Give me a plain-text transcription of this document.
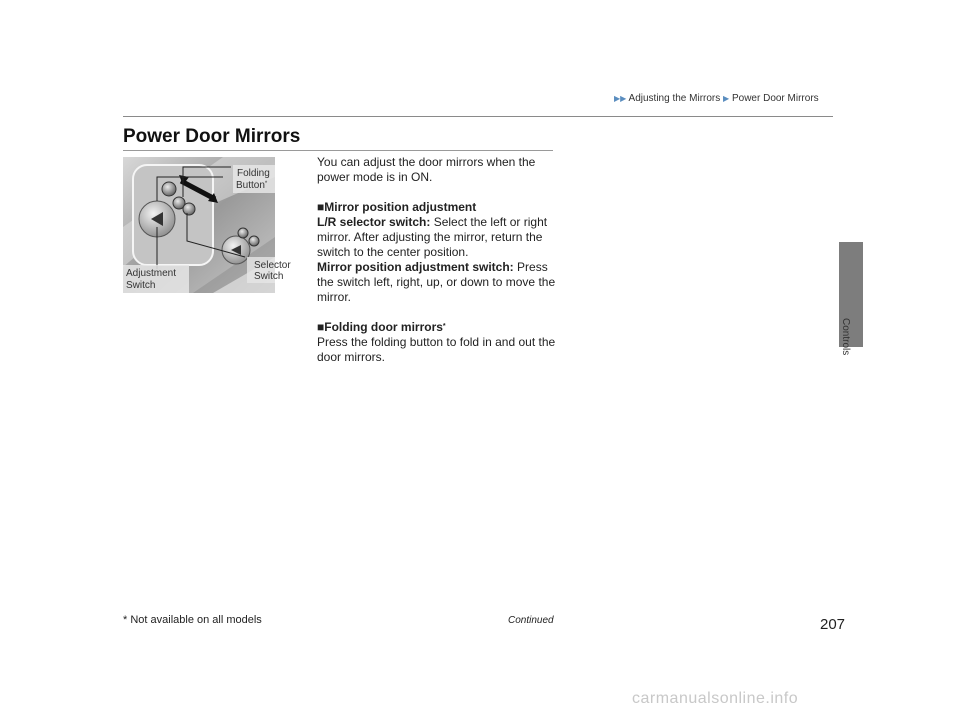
▶▶ Adjusting the Mirrors ▶ Power Door Mirrors
Power Door Mirrors
Folding
Button*
Selector
Switch
Adjustment
Switch

You can adjust the door mirrors when the power mode is in ON.

■Mirror position adjustment

L/R selector switch: Select the left or right mirror. After adjusting the mirror, return the switch to the center position.

Mirror position adjustment switch: Press the switch left, right, up, or down to move the mirror.

■Folding door mirrors*

Press the folding button to fold in and out the door mirrors.

Controls
Continued	207
* Not available on all models
carmanualsonline.info
